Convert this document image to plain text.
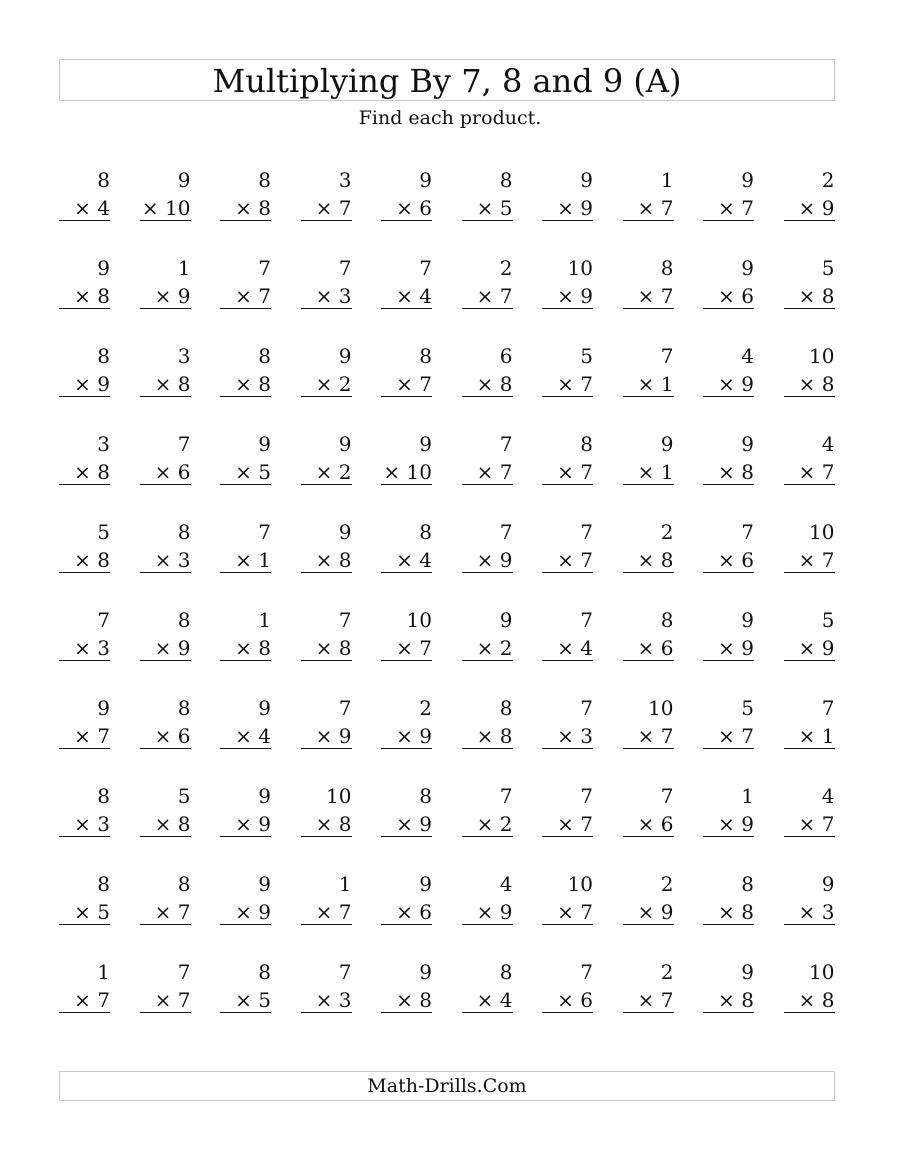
Multiplying By 7, 8 and 9 (A)
Find each product.
8
× 4
9
× 10
8
× 8
3
× 7
9
× 6
8
× 5
9
× 9
1
× 7
9
× 7
2
× 9
9
× 8
1
× 9
7
× 7
7
× 3
7
× 4
2
× 7
10
× 9
8
× 7
9
× 6
5
× 8
8
× 9
3
× 8
8
× 8
9
× 2
8
× 7
6
× 8
5
× 7
7
× 1
4
× 9
10
× 8
3
× 8
7
× 6
9
× 5
9
× 2
9
× 10
7
× 7
8
× 7
9
× 1
9
× 8
4
× 7
5
× 8
8
× 3
7
× 1
9
× 8
8
× 4
7
× 9
7
× 7
2
× 8
7
× 6
10
× 7
7
× 3
8
× 9
1
× 8
7
× 8
10
× 7
9
× 2
7
× 4
8
× 6
9
× 9
5
× 9
9
× 7
8
× 6
9
× 4
7
× 9
2
× 9
8
× 8
7
× 3
10
× 7
5
× 7
7
× 1
8
× 3
5
× 8
9
× 9
10
× 8
8
× 9
7
× 2
7
× 7
7
× 6
1
× 9
4
× 7
8
× 5
8
× 7
9
× 9
1
× 7
9
× 6
4
× 9
10
× 7
2
× 9
8
× 8
9
× 3
1
× 7
7
× 7
8
× 5
7
× 3
9
× 8
8
× 4
7
× 6
2
× 7
9
× 8
10
× 8
Math-Drills.Com
